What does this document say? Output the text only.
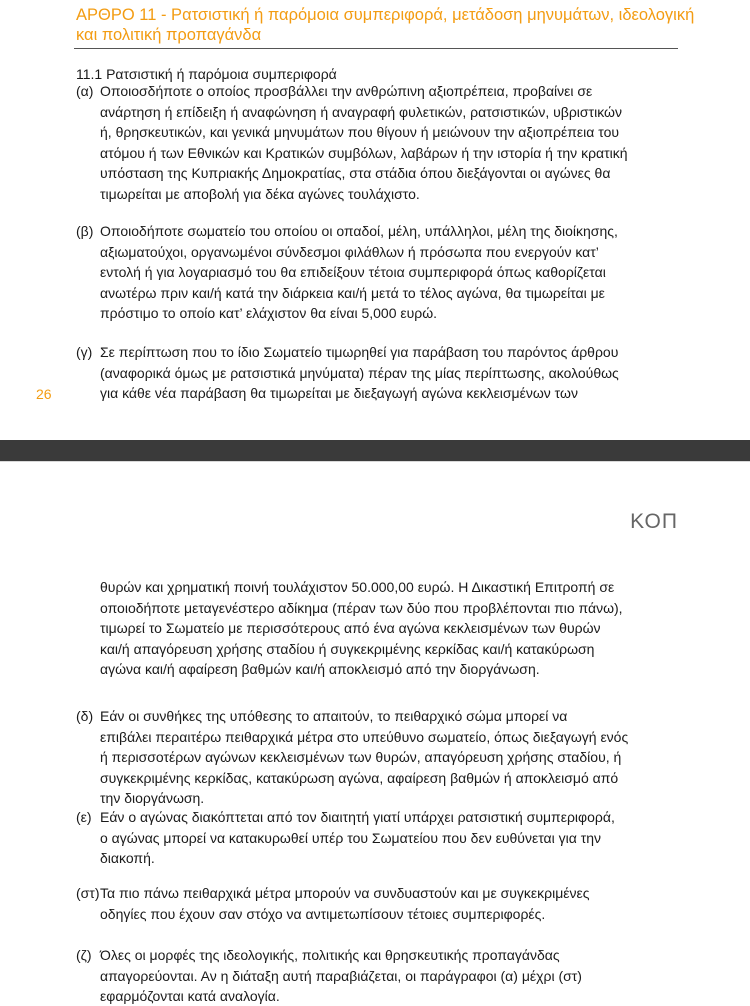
ΑΡΘΡΟ 11 - Ρατσιστική ή παρόμοια συμπεριφορά, μετάδοση μηνυμάτων, ιδεολογική
και πολιτική προπαγάνδα
11.1 Ρατσιστική ή παρόμοια συμπεριφορά
(α) Οποιοσδήποτε ο οποίος προσβάλλει την ανθρώπινη αξιοπρέπεια, προβαίνει σε
ανάρτηση ή επίδειξη ή αναφώνηση ή αναγραφή φυλετικών, ρατσιστικών, υβριστικών
ή, θρησκευτικών, και γενικά μηνυμάτων που θίγουν ή μειώνουν την αξιοπρέπεια του
ατόμου ή των Εθνικών και Κρατικών συμβόλων, λαβάρων ή την ιστορία ή την κρατική
υπόσταση της Κυπριακής Δημοκρατίας, στα στάδια όπου διεξάγονται οι αγώνες θα
τιμωρείται με αποβολή για δέκα αγώνες τουλάχιστο.
(β) Οποιοδήποτε σωματείο του οποίου οι οπαδοί, μέλη, υπάλληλοι, μέλη της διοίκησης,
αξιωματούχοι, οργανωμένοι σύνδεσμοι φιλάθλων ή πρόσωπα που ενεργούν κατ’
εντολή ή για λογαριασμό του θα επιδείξουν τέτοια συμπεριφορά όπως καθορίζεται
ανωτέρω πριν και/ή κατά την διάρκεια και/ή μετά το τέλος αγώνα, θα τιμωρείται με
πρόστιμο το οποίο κατ’ ελάχιστον θα είναι 5,000 ευρώ.
(γ) Σε περίπτωση που το ίδιο Σωματείο τιμωρηθεί για παράβαση του παρόντος άρθρου
(αναφορικά όμως με ρατσιστικά μηνύματα) πέραν της μίας περίπτωσης, ακολούθως
για κάθε νέα παράβαση θα τιμωρείται με διεξαγωγή αγώνα κεκλεισμένων των
26
ΚΟΠ
θυρών και χρηματική ποινή τουλάχιστον 50.000,00 ευρώ. Η Δικαστική Επιτροπή σε
οποιοδήποτε μεταγενέστερο αδίκημα (πέραν των δύο που προβλέπονται πιο πάνω),
τιμωρεί το Σωματείο με περισσότερους από ένα αγώνα κεκλεισμένων των θυρών
και/ή απαγόρευση χρήσης σταδίου ή συγκεκριμένης κερκίδας και/ή κατακύρωση
αγώνα και/ή αφαίρεση βαθμών και/ή αποκλεισμό από την διοργάνωση.
(δ) Εάν οι συνθήκες της υπόθεσης το απαιτούν, το πειθαρχικό σώμα μπορεί να
επιβάλει περαιτέρω πειθαρχικά μέτρα στο υπεύθυνο σωματείο, όπως διεξαγωγή ενός
ή περισσοτέρων αγώνων κεκλεισμένων των θυρών, απαγόρευση χρήσης σταδίου, ή
συγκεκριμένης κερκίδας, κατακύρωση αγώνα, αφαίρεση βαθμών ή αποκλεισμό από
την διοργάνωση.
(ε) Εάν ο αγώνας διακόπτεται από τον διαιτητή γιατί υπάρχει ρατσιστική συμπεριφορά,
ο αγώνας μπορεί να κατακυρωθεί υπέρ του Σωματείου που δεν ευθύνεται για την
διακοπή.
(στ) Τα πιο πάνω πειθαρχικά μέτρα μπορούν να συνδυαστούν και με συγκεκριμένες
οδηγίες που έχουν σαν στόχο να αντιμετωπίσουν τέτοιες συμπεριφορές.
(ζ) Όλες οι μορφές της ιδεολογικής, πολιτικής και θρησκευτικής προπαγάνδας
απαγορεύονται. Αν η διάταξη αυτή παραβιάζεται, οι παράγραφοι (α) μέχρι (στ)
εφαρμόζονται κατά αναλογία.
